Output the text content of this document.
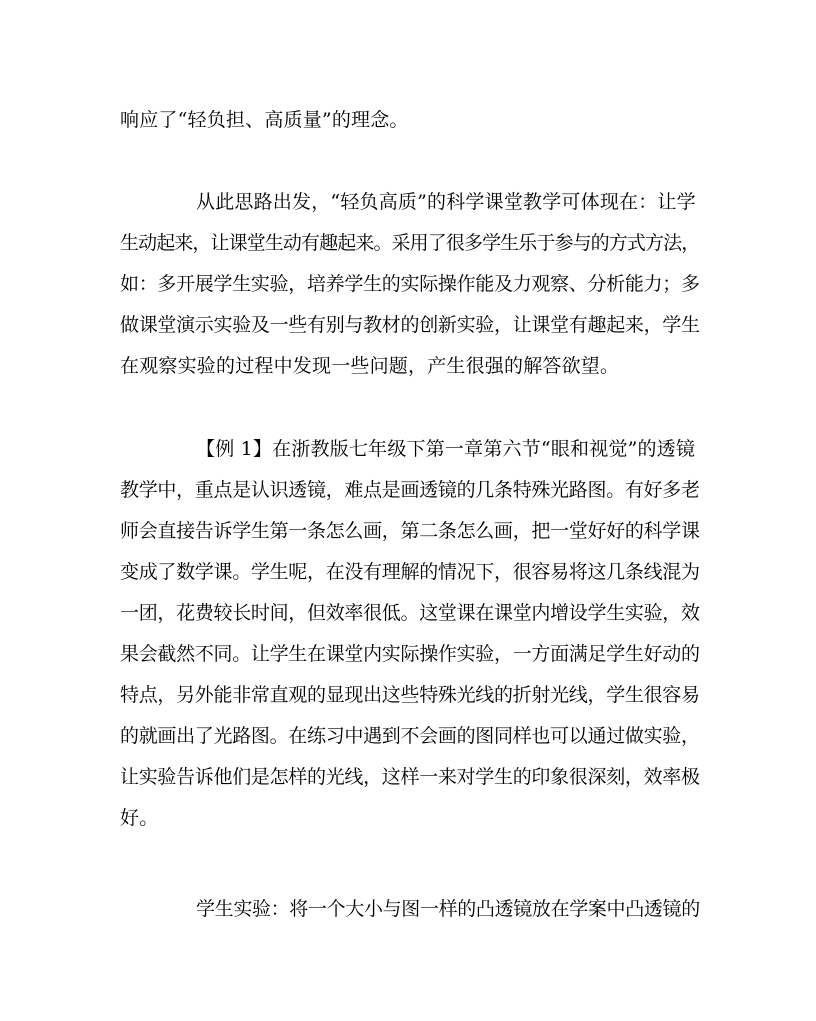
响应了“轻负担、高质量”的理念。
从此思路出发，“轻负高质”的科学课堂教学可体现在：让学
生动起来，让课堂生动有趣起来。采用了很多学生乐于参与的方式方法，
如：多开展学生实验，培养学生的实际操作能及力观察、分析能力；多
做课堂演示实验及一些有别与教材的创新实验，让课堂有趣起来，学生
在观察实验的过程中发现一些问题，产生很强的解答欲望。
【例 1】在浙教版七年级下第一章第六节“眼和视觉”的透镜
教学中，重点是认识透镜，难点是画透镜的几条特殊光路图。有好多老
师会直接告诉学生第一条怎么画，第二条怎么画，把一堂好好的科学课
变成了数学课。学生呢，在没有理解的情况下，很容易将这几条线混为
一团，花费较长时间，但效率很低。这堂课在课堂内增设学生实验，效
果会截然不同。让学生在课堂内实际操作实验，一方面满足学生好动的
特点，另外能非常直观的显现出这些特殊光线的折射光线，学生很容易
的就画出了光路图。在练习中遇到不会画的图同样也可以通过做实验，
让实验告诉他们是怎样的光线，这样一来对学生的印象很深刻，效率极
好。
学生实验：将一个大小与图一样的凸透镜放在学案中凸透镜的
